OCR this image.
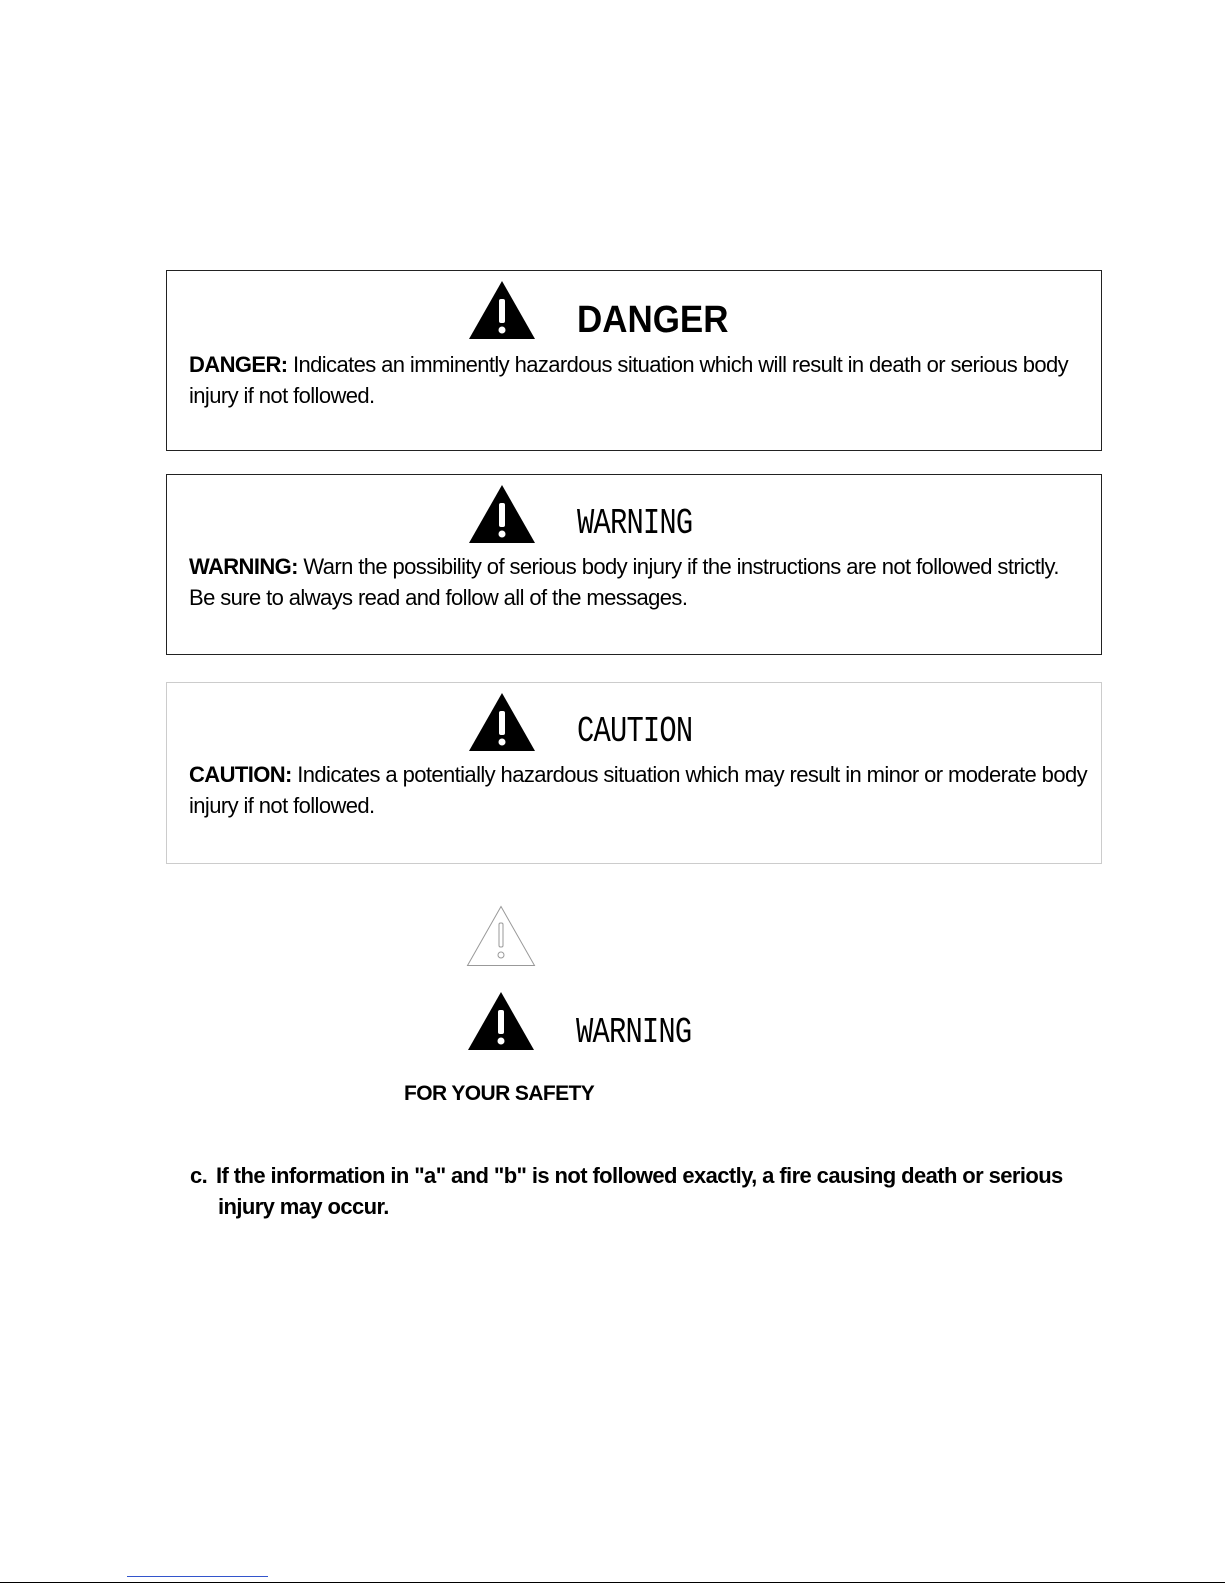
DANGER
DANGER: Indicates an imminently hazardous situation which will result in death or serious body injury if not followed.
WARNING
WARNING: Warn the possibility of serious body injury if the instructions are not followed strictly. Be sure to always read and follow all of the messages.
CAUTION
CAUTION: Indicates a potentially hazardous situation which may result in minor or moderate body injury if not followed.
WARNING
FOR YOUR SAFETY
c. If the information in "a" and "b" is not followed exactly, a fire causing death or serious
injury may occur.
